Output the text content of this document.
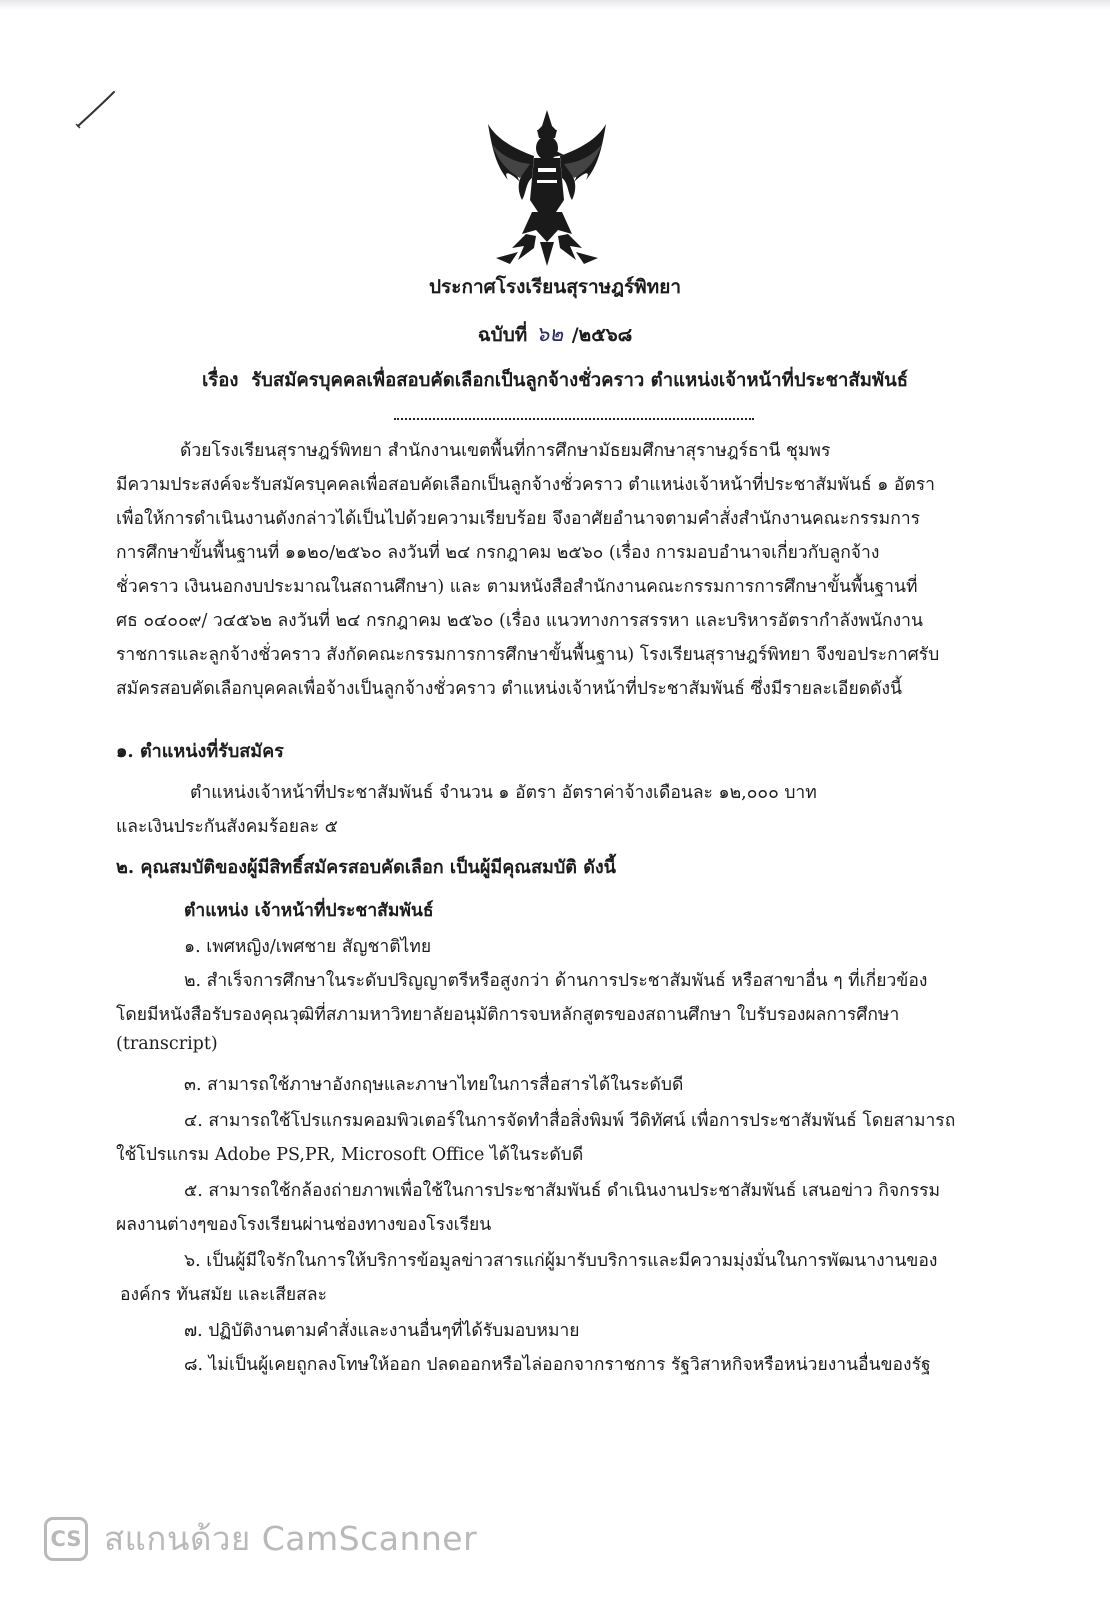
ประกาศโรงเรียนสุราษฎร์พิทยา
ฉบับที่ ๖๒ /๒๕๖๘
เรื่อง รับสมัครบุคคลเพื่อสอบคัดเลือกเป็นลูกจ้างชั่วคราว ตำแหน่งเจ้าหน้าที่ประชาสัมพันธ์

ด้วยโรงเรียนสุราษฎร์พิทยา สำนักงานเขตพื้นที่การศึกษามัธยมศึกษาสุราษฎร์ธานี ชุมพร

มีความประสงค์จะรับสมัครบุคคลเพื่อสอบคัดเลือกเป็นลูกจ้างชั่วคราว ตำแหน่งเจ้าหน้าที่ประชาสัมพันธ์ ๑ อัตรา

เพื่อให้การดำเนินงานดังกล่าวได้เป็นไปด้วยความเรียบร้อย จึงอาศัยอำนาจตามคำสั่งสำนักงานคณะกรรมการ

การศึกษาขั้นพื้นฐานที่ ๑๑๒๐/๒๕๖๐ ลงวันที่ ๒๔ กรกฎาคม ๒๕๖๐ (เรื่อง การมอบอำนาจเกี่ยวกับลูกจ้าง

ชั่วคราว เงินนอกงบประมาณในสถานศึกษา) และ ตามหนังสือสำนักงานคณะกรรมการการศึกษาขั้นพื้นฐานที่

ศธ ๐๔๐๐๙/ ว๔๕๖๒ ลงวันที่ ๒๔ กรกฎาคม ๒๕๖๐ (เรื่อง แนวทางการสรรหา และบริหารอัตรากำลังพนักงาน

ราชการและลูกจ้างชั่วคราว สังกัดคณะกรรมการการศึกษาขั้นพื้นฐาน) โรงเรียนสุราษฎร์พิทยา จึงขอประกาศรับ

สมัครสอบคัดเลือกบุคคลเพื่อจ้างเป็นลูกจ้างชั่วคราว ตำแหน่งเจ้าหน้าที่ประชาสัมพันธ์ ซึ่งมีรายละเอียดดังนี้

๑. ตำแหน่งที่รับสมัคร
ตำแหน่งเจ้าหน้าที่ประชาสัมพันธ์ จำนวน ๑ อัตรา อัตราค่าจ้างเดือนละ ๑๒,๐๐๐ บาท
และเงินประกันสังคมร้อยละ ๕
๒. คุณสมบัติของผู้มีสิทธิ์สมัครสอบคัดเลือก เป็นผู้มีคุณสมบัติ ดังนี้
ตำแหน่ง เจ้าหน้าที่ประชาสัมพันธ์
๑. เพศหญิง/เพศชาย สัญชาติไทย
๒. สำเร็จการศึกษาในระดับปริญญาตรีหรือสูงกว่า ด้านการประชาสัมพันธ์ หรือสาขาอื่น ๆ ที่เกี่ยวข้อง
โดยมีหนังสือรับรองคุณวุฒิที่สภามหาวิทยาลัยอนุมัติการจบหลักสูตรของสถานศึกษา ใบรับรองผลการศึกษา
(transcript)
๓. สามารถใช้ภาษาอังกฤษและภาษาไทยในการสื่อสารได้ในระดับดี
๔. สามารถใช้โปรแกรมคอมพิวเตอร์ในการจัดทำสื่อสิ่งพิมพ์ วีดิทัศน์ เพื่อการประชาสัมพันธ์ โดยสามารถ
ใช้โปรแกรม Adobe PS,PR, Microsoft Office ได้ในระดับดี
๕. สามารถใช้กล้องถ่ายภาพเพื่อใช้ในการประชาสัมพันธ์ ดำเนินงานประชาสัมพันธ์ เสนอข่าว กิจกรรม
ผลงานต่างๆของโรงเรียนผ่านช่องทางของโรงเรียน
๖. เป็นผู้มีใจรักในการให้บริการข้อมูลข่าวสารแก่ผู้มารับบริการและมีความมุ่งมั่นในการพัฒนางานของ
องค์กร ทันสมัย และเสียสละ
๗. ปฏิบัติงานตามคำสั่งและงานอื่นๆที่ได้รับมอบหมาย
๘. ไม่เป็นผู้เคยถูกลงโทษให้ออก ปลดออกหรือไล่ออกจากราชการ รัฐวิสาหกิจหรือหน่วยงานอื่นของรัฐ
CS สแกนด้วย CamScanner
